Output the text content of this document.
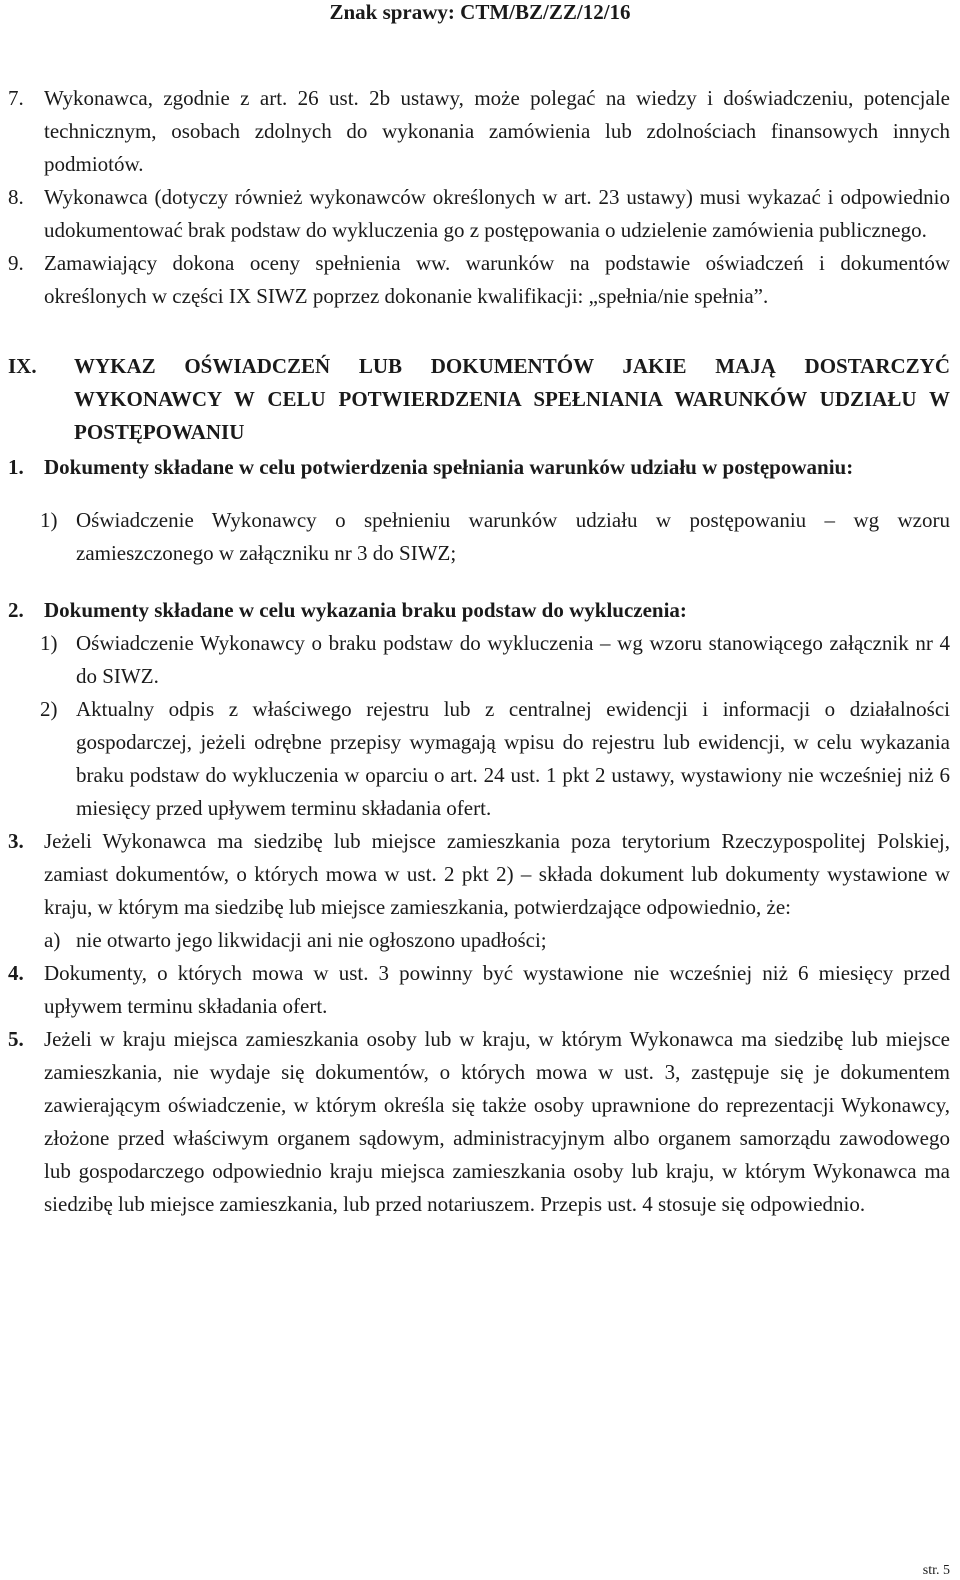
Znak sprawy: CTM/BZ/ZZ/12/16
7. Wykonawca, zgodnie z art. 26 ust. 2b ustawy, może polegać na wiedzy i doświadczeniu, potencjale technicznym, osobach zdolnych do wykonania zamówienia lub zdolnościach finansowych innych podmiotów.
8. Wykonawca (dotyczy również wykonawców określonych w art. 23 ustawy) musi wykazać i odpowiednio udokumentować brak podstaw do wykluczenia go z postępowania o udzielenie zamówienia publicznego.
9. Zamawiający dokona oceny spełnienia ww. warunków na podstawie oświadczeń i dokumentów określonych w części IX SIWZ poprzez dokonanie kwalifikacji: „spełnia/nie spełnia”.
IX.	WYKAZ OŚWIADCZEŃ LUB DOKUMENTÓW JAKIE MAJĄ DOSTARCZYĆ WYKONAWCY W CELU POTWIERDZENIA SPEŁNIANIA WARUNKÓW UDZIAŁU W POSTĘPOWANIU
1. Dokumenty składane w celu potwierdzenia spełniania warunków udziału w postępowaniu:
1) Oświadczenie Wykonawcy o spełnieniu warunków udziału w postępowaniu – wg wzoru zamieszczonego w załączniku nr 3 do SIWZ;
2. Dokumenty składane w celu wykazania braku podstaw do wykluczenia:
1) Oświadczenie Wykonawcy o braku podstaw do wykluczenia – wg wzoru stanowiącego załącznik nr 4 do SIWZ.
2) Aktualny odpis z właściwego rejestru lub z centralnej ewidencji i informacji o działalności gospodarczej, jeżeli odrębne przepisy wymagają wpisu do rejestru lub ewidencji, w celu wykazania braku podstaw do wykluczenia w oparciu o art. 24 ust. 1 pkt 2 ustawy, wystawiony nie wcześniej niż 6 miesięcy przed upływem terminu składania ofert.
3. Jeżeli Wykonawca ma siedzibę lub miejsce zamieszkania poza terytorium Rzeczypospolitej Polskiej, zamiast dokumentów, o których mowa w ust. 2 pkt 2) – składa dokument lub dokumenty wystawione w kraju, w którym ma siedzibę lub miejsce zamieszkania, potwierdzające odpowiednio, że:
a) nie otwarto jego likwidacji ani nie ogłoszono upadłości;
4. Dokumenty, o których mowa w ust. 3 powinny być wystawione nie wcześniej niż 6 miesięcy przed upływem terminu składania ofert.
5. Jeżeli w kraju miejsca zamieszkania osoby lub w kraju, w którym Wykonawca ma siedzibę lub miejsce zamieszkania, nie wydaje się dokumentów, o których mowa w ust. 3, zastępuje się je dokumentem zawierającym oświadczenie, w którym określa się także osoby uprawnione do reprezentacji Wykonawcy, złożone przed właściwym organem sądowym, administracyjnym albo organem samorządu zawodowego lub gospodarczego odpowiednio kraju miejsca zamieszkania osoby lub kraju, w którym Wykonawca ma siedzibę lub miejsce zamieszkania, lub przed notariuszem. Przepis ust. 4 stosuje się odpowiednio.
str. 5
